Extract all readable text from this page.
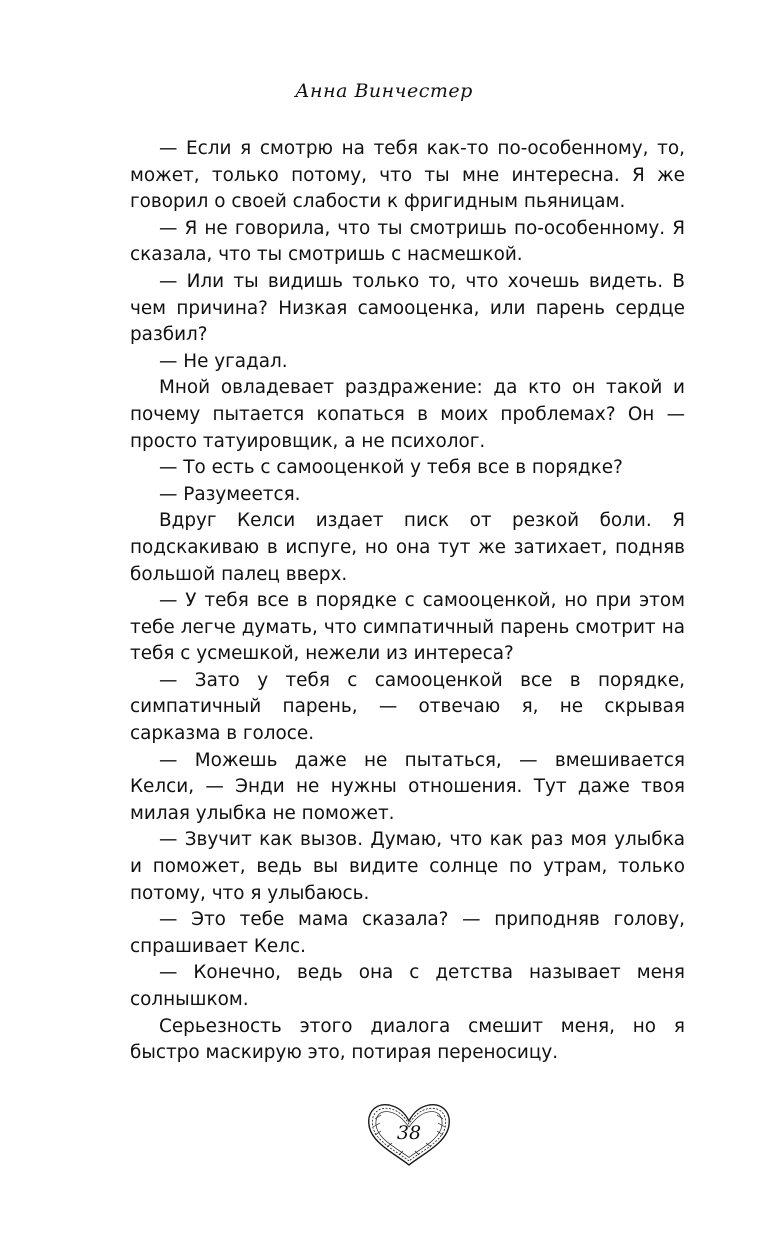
Анна Винчестер

— Если я смотрю на тебя как-то по-особенному, то, может, только потому, что ты мне интересна. Я же говорил о своей слабости к фригидным пьяницам.

— Я не говорила, что ты смотришь по-особенному. Я сказала, что ты смотришь с насмешкой.

— Или ты видишь только то, что хочешь видеть. В чем причина? Низкая самооценка, или парень сердце разбил?

— Не угадал.

Мной овладевает раздражение: да кто он такой и почему пытается копаться в моих проблемах? Он — просто татуировщик, а не психолог.

— То есть с самооценкой у тебя все в порядке?

— Разумеется.

Вдруг Келси издает писк от резкой боли. Я подскакиваю в испуге, но она тут же затихает, подняв большой палец вверх.

— У тебя все в порядке с самооценкой, но при этом тебе легче думать, что симпатичный парень смотрит на тебя с усмешкой, нежели из интереса?

— Зато у тебя с самооценкой все в порядке, симпатичный парень, — отвечаю я, не скрывая сарказма в голосе.

— Можешь даже не пытаться, — вмешивается Келси, — Энди не нужны отношения. Тут даже твоя милая улыбка не поможет.

— Звучит как вызов. Думаю, что как раз моя улыбка и поможет, ведь вы видите солнце по утрам, только потому, что я улыбаюсь.

— Это тебе мама сказала? — приподняв голову, спрашивает Келс.

— Конечно, ведь она с детства называет меня солнышком.

Серьезность этого диалога смешит меня, но я быстро маскирую это, потирая переносицу.

38
